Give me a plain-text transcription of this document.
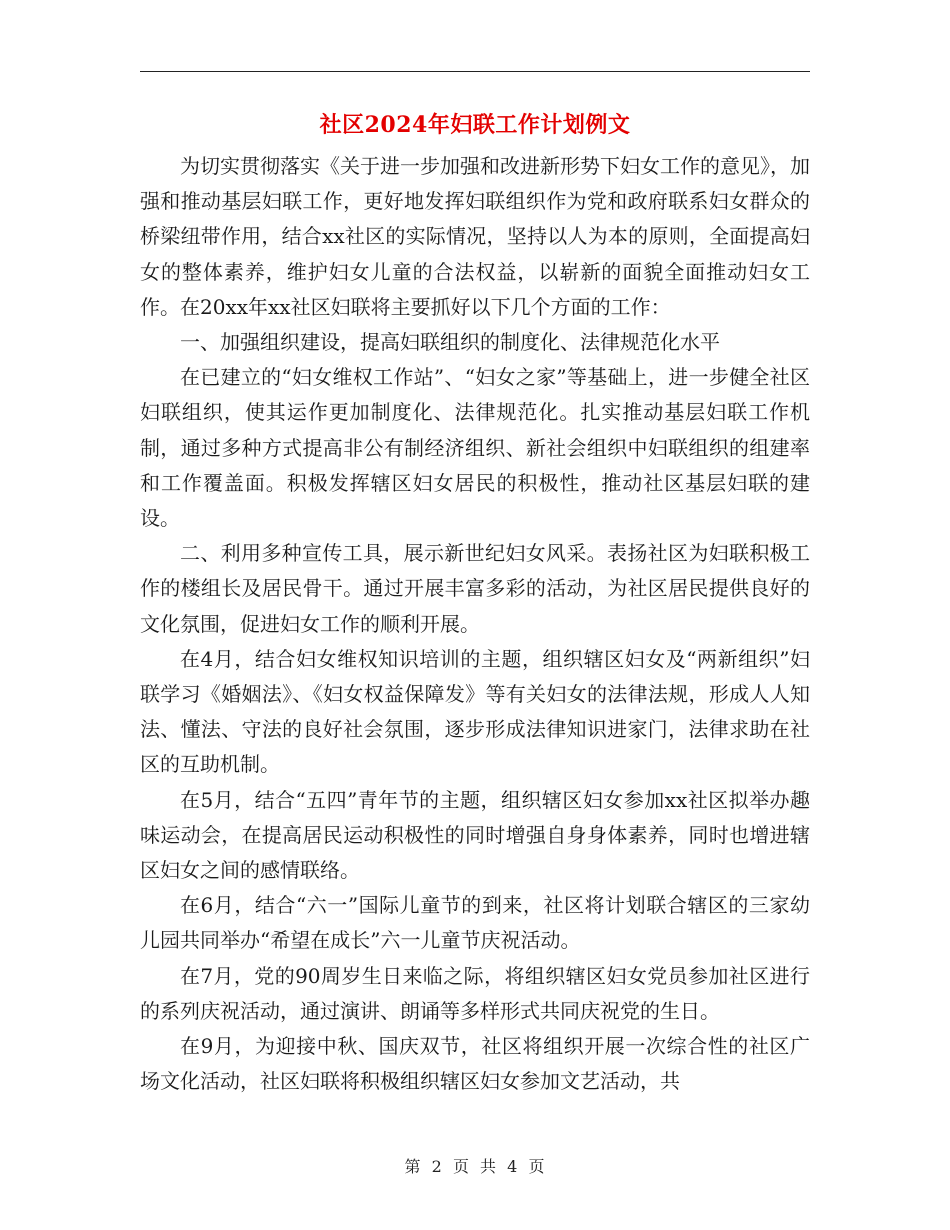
社区2024年妇联工作计划例文

为切实贯彻落实《关于进一步加强和改进新形势下妇女工作的意见》，加强和推动基层妇联工作，更好地发挥妇联组织作为党和政府联系妇女群众的桥梁纽带作用，结合xx社区的实际情况，坚持以人为本的原则，全面提高妇女的整体素养，维护妇女儿童的合法权益，以崭新的面貌全面推动妇女工作。在20xx年xx社区妇联将主要抓好以下几个方面的工作：

一、加强组织建设，提高妇联组织的制度化、法律规范化水平

在已建立的“妇女维权工作站”、“妇女之家”等基础上，进一步健全社区妇联组织，使其运作更加制度化、法律规范化。扎实推动基层妇联工作机制，通过多种方式提高非公有制经济组织、新社会组织中妇联组织的组建率和工作覆盖面。积极发挥辖区妇女居民的积极性，推动社区基层妇联的建设。

二、利用多种宣传工具，展示新世纪妇女风采。表扬社区为妇联积极工作的楼组长及居民骨干。通过开展丰富多彩的活动，为社区居民提供良好的文化氛围，促进妇女工作的顺利开展。

在4月，结合妇女维权知识培训的主题，组织辖区妇女及“两新组织”妇联学习《婚姻法》、《妇女权益保障发》等有关妇女的法律法规，形成人人知法、懂法、守法的良好社会氛围，逐步形成法律知识进家门，法律求助在社区的互助机制。

在5月，结合“五四”青年节的主题，组织辖区妇女参加xx社区拟举办趣味运动会，在提高居民运动积极性的同时增强自身身体素养，同时也增进辖区妇女之间的感情联络。

在6月，结合“六一”国际儿童节的到来，社区将计划联合辖区的三家幼儿园共同举办“希望在成长”六一儿童节庆祝活动。

在7月，党的90周岁生日来临之际，将组织辖区妇女党员参加社区进行的系列庆祝活动，通过演讲、朗诵等多样形式共同庆祝党的生日。

在9月，为迎接中秋、国庆双节，社区将组织开展一次综合性的社区广场文化活动，社区妇联将积极组织辖区妇女参加文艺活动，共

第 2 页 共 4 页
